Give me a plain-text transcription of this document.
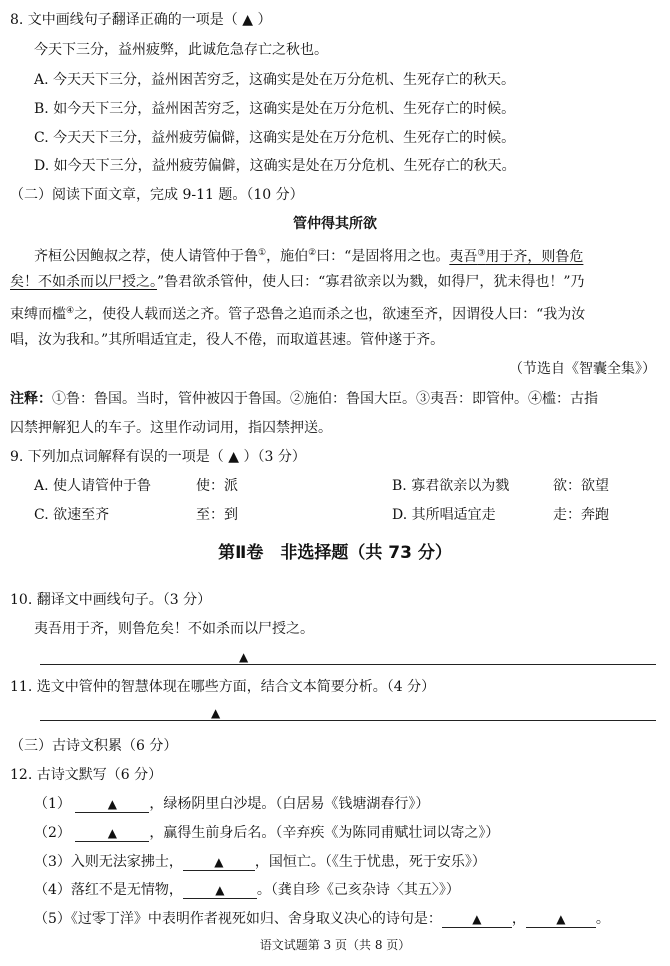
8. 文中画线句子翻译正确的一项是（ ▲ ）
今天下三分，益州疲弊，此诚危急存亡之秋也。
A. 今天天下三分，益州困苦穷乏，这确实是处在万分危机、生死存亡的秋天。
B. 如今天下三分，益州困苦穷乏，这确实是处在万分危机、生死存亡的时候。
C. 今天天下三分，益州疲劳偏僻，这确实是处在万分危机、生死存亡的时候。
D. 如今天下三分，益州疲劳偏僻，这确实是处在万分危机、生死存亡的秋天。
（二）阅读下面文章，完成 9-11 题。（10 分）
管仲得其所欲
齐桓公因鲍叔之荐，使人请管仲于鲁①，施伯②曰：“是固将用之也。夷吾③用于齐，则鲁危
矣！不如杀而以尸授之。”鲁君欲杀管仲，使人曰：“寡君欲亲以为戮，如得尸，犹未得也！”乃
束缚而槛④之，使役人载而送之齐。管子恐鲁之追而杀之也，欲速至齐，因谓役人曰：“我为汝
唱，汝为我和。”其所唱适宜走，役人不倦，而取道甚速。管仲遂于齐。
（节选自《智囊全集》）
注释：①鲁：鲁国。当时，管仲被囚于鲁国。②施伯：鲁国大臣。③夷吾：即管仲。④槛：古指
囚禁押解犯人的车子。这里作动词用，指囚禁押送。
9. 下列加点词解释有误的一项是（ ▲ ）（3 分）
A. 使人请管仲于鲁	使：派	B. 寡君欲亲以为戮	欲：欲望
C. 欲速至齐	至：到	D. 其所唱适宜走	走：奔跑
第Ⅱ卷　非选择题（共 73 分）
10. 翻译文中画线句子。（3 分）
夷吾用于齐，则鲁危矣！不如杀而以尸授之。
▲
11. 选文中管仲的智慧体现在哪些方面，结合文本简要分析。（4 分）
▲
（三）古诗文积累（6 分）
12. 古诗文默写（6 分）
（1）	▲ ，绿杨阴里白沙堤。（白居易《钱塘湖春行》）
（2）	▲ ，赢得生前身后名。（辛弃疾《为陈同甫赋壮词以寄之》）
（3）入则无法家拂士，	▲ ，国恒亡。（《生于忧患，死于安乐》）
（4）落红不是无情物，	▲ 。（龚自珍《己亥杂诗〈其五〉》）
（5）《过零丁洋》中表明作者视死如归、舍身取义决心的诗句是：	▲ ，	▲ 。
语文试题第 3 页（共 8 页）
